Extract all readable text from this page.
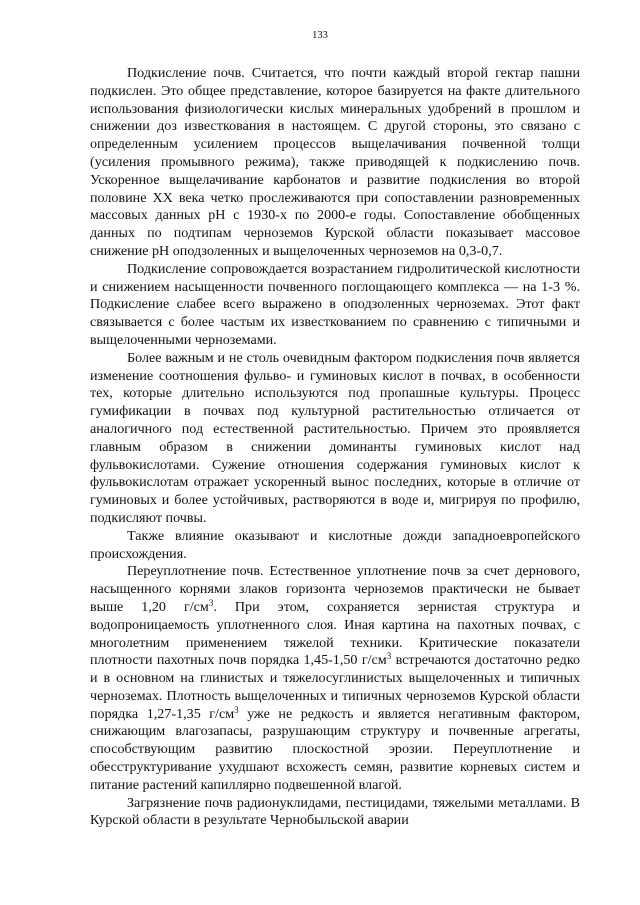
133

Подкисление почв. Считается, что почти каждый второй гектар пашни подкислен. Это общее представление, которое базируется на факте длительного использования физиологически кислых минеральных удобрений в прошлом и снижении доз известкования в настоящем. С другой стороны, это связано с определенным усилением процессов выщелачивания почвенной толщи (усиления промывного режима), также приводящей к подкислению почв. Ускоренное выщелачивание карбонатов и развитие подкисления во второй половине XX века четко прослеживаются при сопоставлении разновременных массовых данных pH с 1930-х по 2000-е годы. Сопоставление обобщенных данных по подтипам черноземов Курской области показывает массовое снижение pH оподзоленных и выщелоченных черноземов на 0,3-0,7.

Подкисление сопровождается возрастанием гидролитической кислотности и снижением насыщенности почвенного поглощающего комплекса — на 1-3 %. Подкисление слабее всего выражено в оподзоленных черноземах. Этот факт связывается с более частым их известкованием по сравнению с типичными и выщелоченными черноземами.

Более важным и не столь очевидным фактором подкисления почв является изменение соотношения фульво- и гуминовых кислот в почвах, в особенности тех, которые длительно используются под пропашные культуры. Процесс гумификации в почвах под культурной растительностью отличается от аналогичного под естественной растительностью. Причем это проявляется главным образом в снижении доминанты гуминовых кислот над фульвокислотами. Сужение отношения содержания гуминовых кислот к фульвокислотам отражает ускоренный вынос последних, которые в отличие от гуминовых и более устойчивых, растворяются в воде и, мигрируя по профилю, подкисляют почвы.

Также влияние оказывают и кислотные дожди западноевропейского происхождения.

Переуплотнение почв. Естественное уплотнение почв за счет дернового, насыщенного корнями злаков горизонта черноземов практически не бывает выше 1,20 $г/см^3$. При этом, сохраняется зернистая структура и водопроницаемость уплотненного слоя. Иная картина на пахотных почвах, с многолетним применением тяжелой техники. Критические показатели плотности пахотных почв порядка 1,45-1,50 $г/см^3$ встречаются достаточно редко и в основном на глинистых и тяжелосуглинистых выщелоченных и типичных черноземах. Плотность выщелоченных и типичных черноземов Курской области порядка 1,27-1,35 $г/см^3$ уже не редкость и является негативным фактором, снижающим влагозапасы, разрушающим структуру и почвенные агрегаты, способствующим развитию плоскостной эрозии. Переуплотнение и обесструктуривание ухудшают всхожесть семян, развитие корневых систем и питание растений капиллярно подвешенной влагой.

Загрязнение почв радионуклидами, пестицидами, тяжелыми металлами. В Курской области в результате Чернобыльской аварии
